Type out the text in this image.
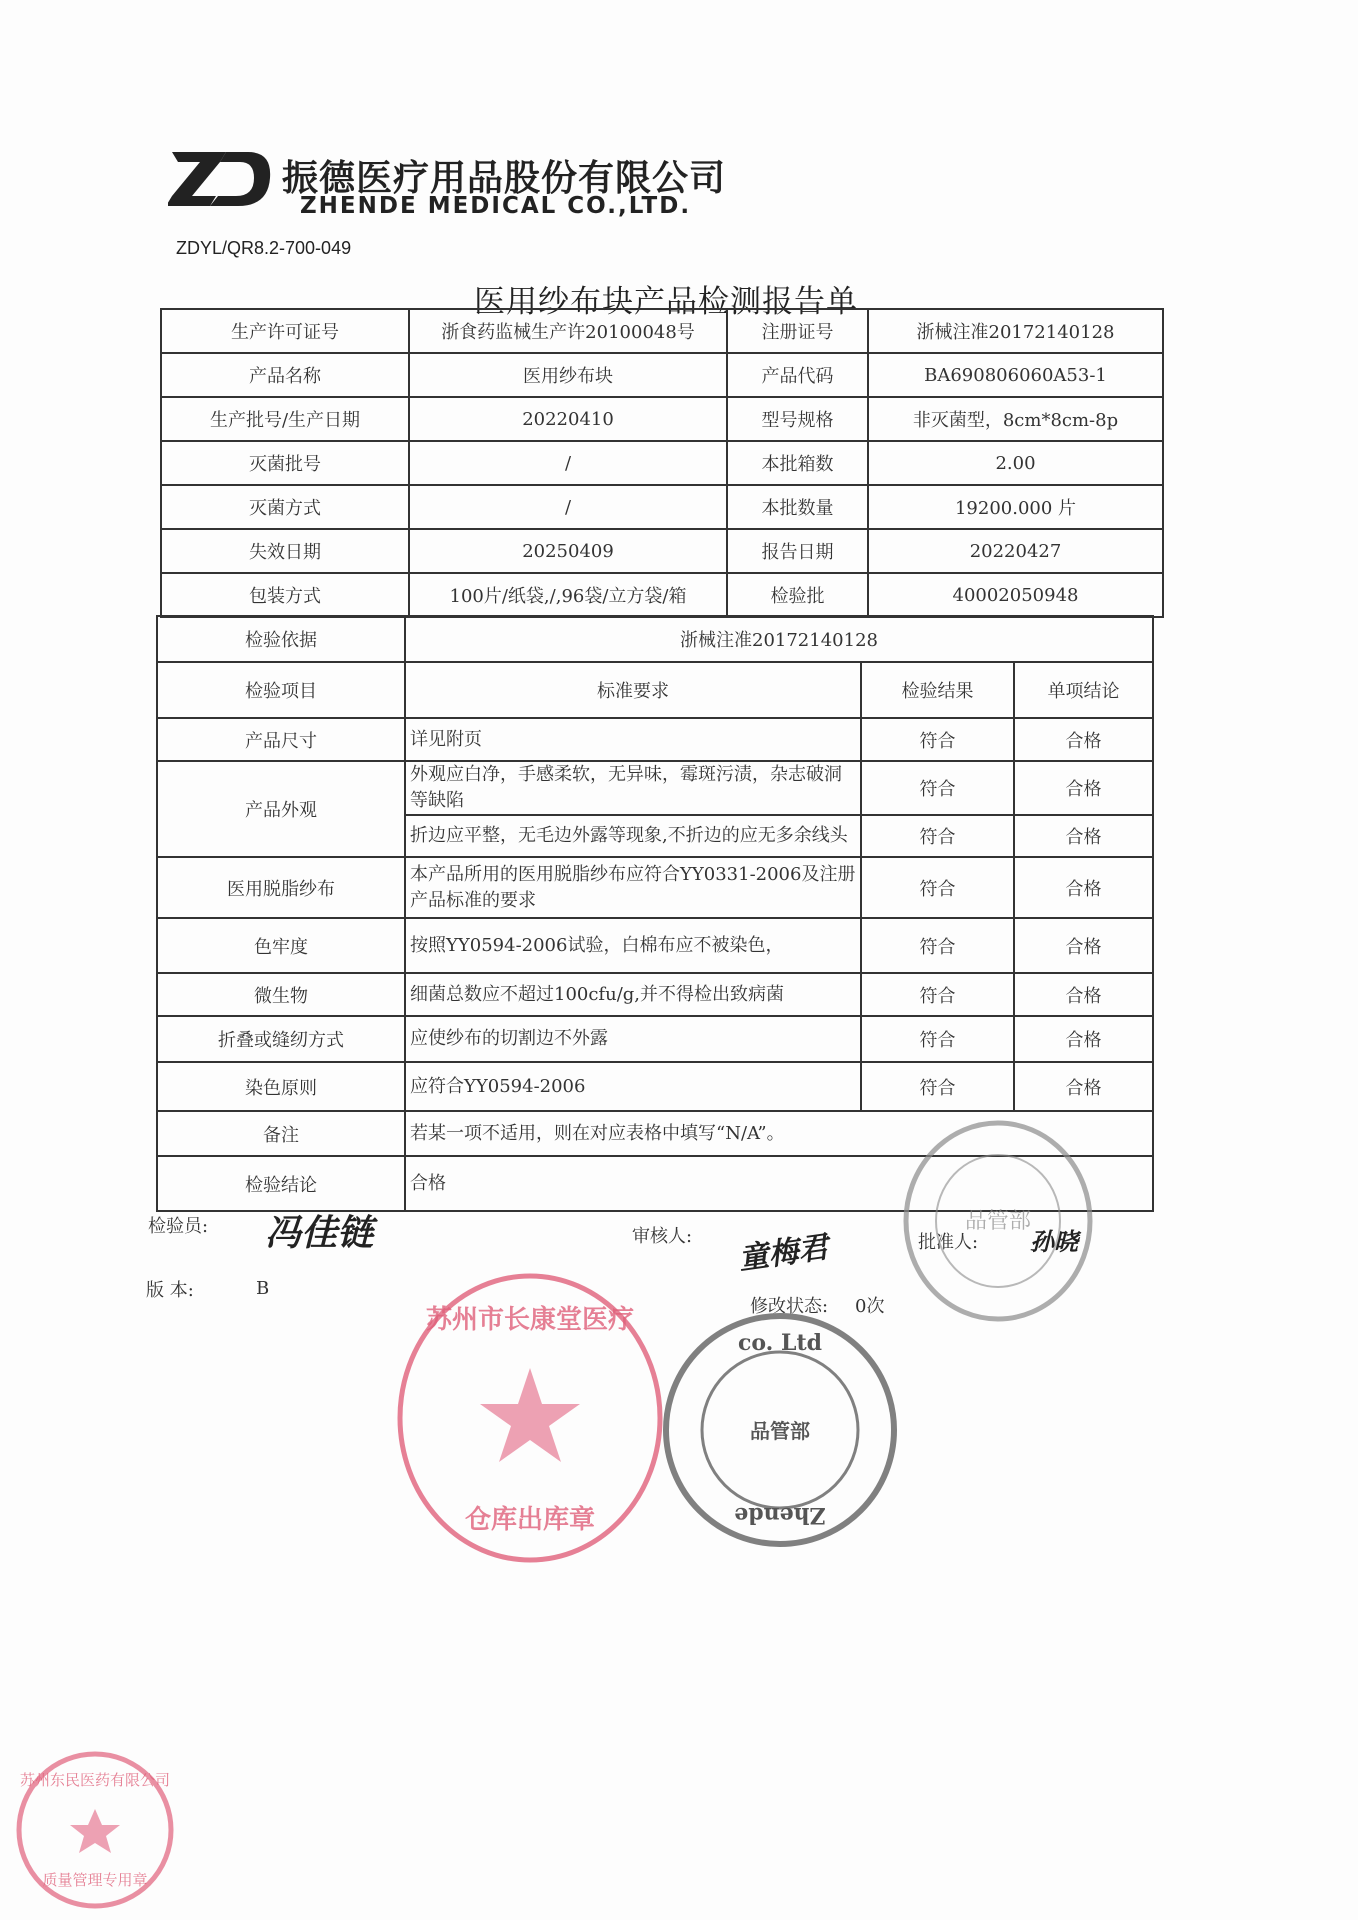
振德医疗用品股份有限公司
ZHENDE MEDICAL CO.,LTD.
ZDYL/QR8.2-700-049
医用纱布块产品检测报告单
生产许可证号	浙食药监械生产许20100048号	注册证号	浙械注准20172140128
产品名称	医用纱布块	产品代码	BA690806060A53-1
生产批号/生产日期	20220410	型号规格	非灭菌型，8cm*8cm-8p
灭菌批号	/	本批箱数	2.00
灭菌方式	/	本批数量	19200.000 片
失效日期	20250409	报告日期	20220427
包装方式	100片/纸袋,/,96袋/立方袋/箱	检验批	40002050948
检验依据	浙械注准20172140128		
检验项目	标准要求	检验结果	单项结论
产品尺寸	详见附页	符合	合格
产品外观	外观应白净，手感柔软，无异味，霉斑污渍，杂志破洞等缺陷	符合	合格
	折边应平整，无毛边外露等现象,不折边的应无多余线头	符合	合格
医用脱脂纱布	本产品所用的医用脱脂纱布应符合YY0331-2006及注册产品标准的要求	符合	合格
色牢度	按照YY0594-2006试验，白棉布应不被染色，	符合	合格
微生物	细菌总数应不超过100cfu/g,并不得检出致病菌	符合	合格
折叠或缝纫方式	应使纱布的切割边不外露	符合	合格
染色原则	应符合YY0594-2006	符合	合格
备注	若某一项不适用，则在对应表格中填写“N/A”。		
检验结论	合格		
检验员: 冯佳链	审核人: 童梅君	批准人: 孙晓
版 本:	B
修改状态: 0次
品管部
苏州市长康堂医疗
仓库出库章
co. Ltd
Zhende
品管部
苏州东民医药有限公司
质量管理专用章
